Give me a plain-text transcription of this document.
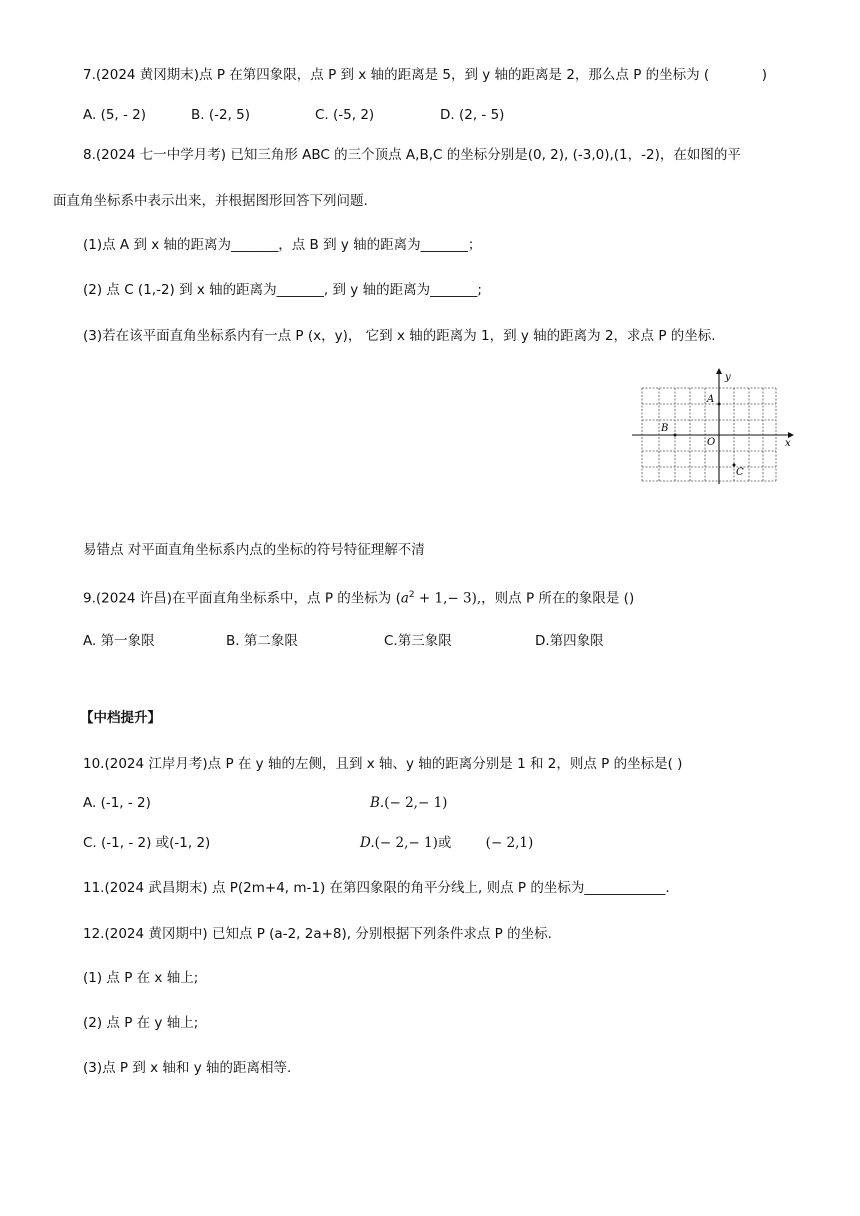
7.(2024 黄冈期末)点 P 在第四象限，点 P 到 x 轴的距离是 5，到 y 轴的距离是 2，那么点 P 的坐标为 (	)
A. (5, - 2)	B. (-2, 5)	C. (-5, 2)	D. (2, - 5)
8.(2024 七一中学月考) 已知三角形 ABC 的三个顶点 A,B,C 的坐标分别是(0, 2), (-3,0),(1，-2)，在如图的平
面直角坐标系中表示出来，并根据图形回答下列问题.
(1)点 A 到 x 轴的距离为_______，点 B 到 y 轴的距离为_______；
(2) 点 C (1,-2) 到 x 轴的距离为_______, 到 y 轴的距离为_______;
(3)若在该平面直角坐标系内有一点 P (x，y)， 它到 x 轴的距离为 1，到 y 轴的距离为 2，求点 P 的坐标.
x
y
O
A
B
C
易错点 对平面直角坐标系内点的坐标的符号特征理解不清
9.(2024 许昌)在平面直角坐标系中，点 P 的坐标为 $(a^2 + 1,- 3)$,，则点 P 所在的象限是 ()
A. 第一象限	B. 第二象限	C.第三象限	D.第四象限
【中档提升】
10.(2024 江岸月考)点 P 在 y 轴的左侧，且到 x 轴、y 轴的距离分别是 1 和 2，则点 P 的坐标是( )
A. (-1, - 2)	B.(− 2,− 1)
C. (-1, - 2) 或(-1, 2)	D.(− 2,− 1)或        (− 2,1)
11.(2024 武昌期末) 点 P(2m+4, m-1) 在第四象限的角平分线上, 则点 P 的坐标为____________.
12.(2024 黄冈期中) 已知点 P (a-2, 2a+8), 分别根据下列条件求点 P 的坐标.
(1) 点 P 在 x 轴上;
(2) 点 P 在 y 轴上;
(3)点 P 到 x 轴和 y 轴的距离相等.
